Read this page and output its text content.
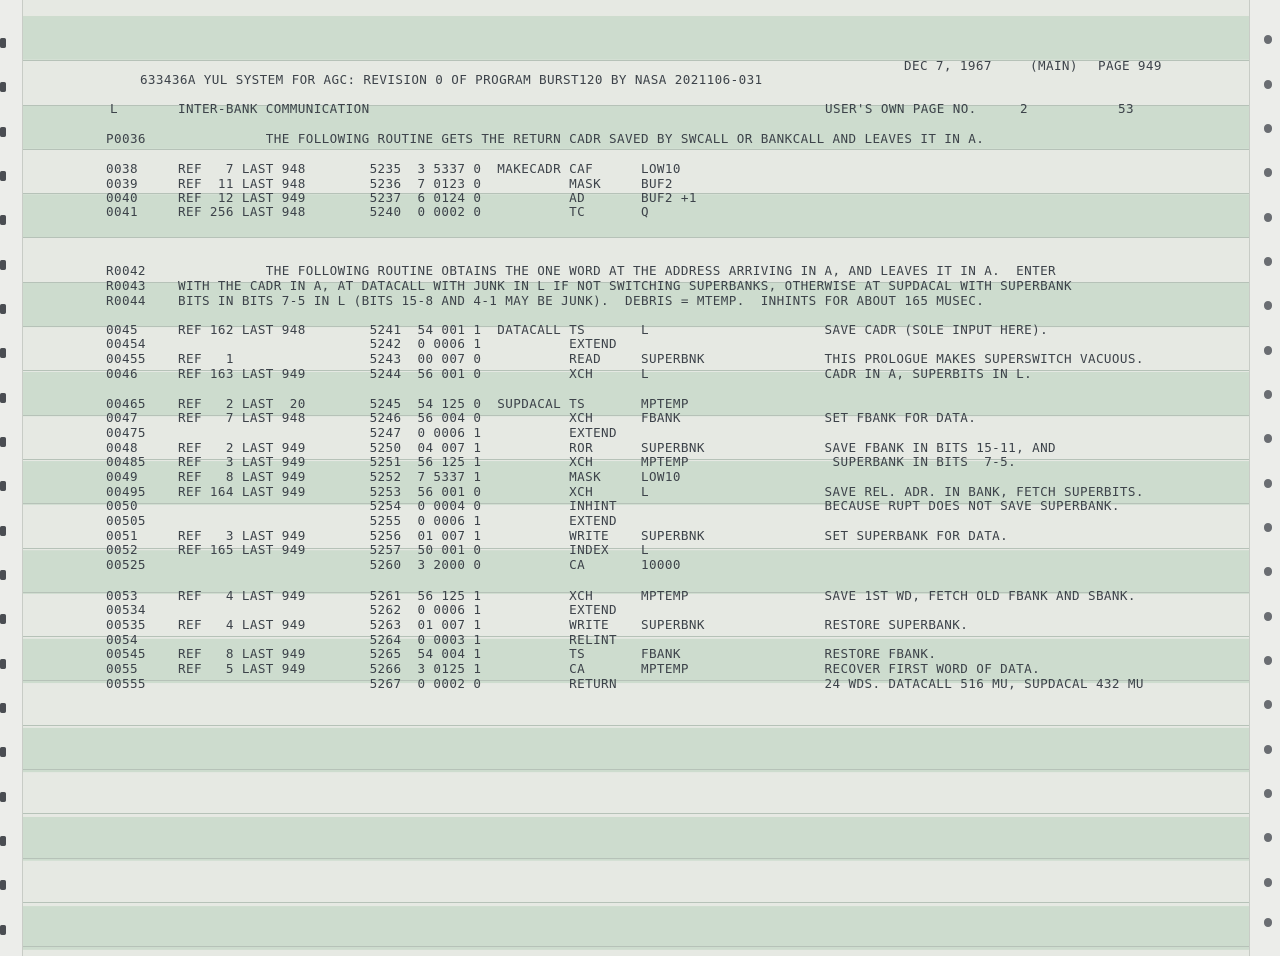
633436A YUL SYSTEM FOR AGC: REVISION 0 OF PROGRAM BURST120 BY NASA 2021106-031

DEC 7, 1967	(MAIN) PAGE 949
L	INTER-BANK COMMUNICATION	USER'S OWN PAGE NO.	2	53
P0036	THE FOLLOWING ROUTINE GETS THE RETURN CADR SAVED BY SWCALL OR BANKCALL AND LEAVES IT IN A.
0038	REF   7 LAST 948        5235  3 5337 0  MAKECADR CAF      LOW10
0039	REF  11 LAST 948        5236  7 0123 0           MASK     BUF2
0040	REF  12 LAST 949        5237  6 0124 0           AD       BUF2 +1
0041	REF 256 LAST 948        5240  0 0002 0           TC       Q
R0042	THE FOLLOWING ROUTINE OBTAINS THE ONE WORD AT THE ADDRESS ARRIVING IN A, AND LEAVES IT IN A.  ENTER
R0043	WITH THE CADR IN A, AT DATACALL WITH JUNK IN L IF NOT SWITCHING SUPERBANKS, OTHERWISE AT SUPDACAL WITH SUPERBANK
R0044	BITS IN BITS 7-5 IN L (BITS 15-8 AND 4-1 MAY BE JUNK).  DEBRIS = MTEMP.  INHINTS FOR ABOUT 165 MUSEC.
0045	REF 162 LAST 948        5241  54 001 1  DATACALL TS       L                      SAVE CADR (SOLE INPUT HERE).
00454	5242  0 0006 1           EXTEND
00455	REF   1                 5243  00 007 0           READ     SUPERBNK               THIS PROLOGUE MAKES SUPERSWITCH VACUOUS.
0046	REF 163 LAST 949        5244  56 001 0           XCH      L                      CADR IN A, SUPERBITS IN L.
00465	REF   2 LAST  20        5245  54 125 0  SUPDACAL TS       MPTEMP
0047	REF   7 LAST 948        5246  56 004 0           XCH      FBANK                  SET FBANK FOR DATA.
00475	5247  0 0006 1           EXTEND
0048	REF   2 LAST 949        5250  04 007 1           ROR      SUPERBNK               SAVE FBANK IN BITS 15-11, AND
00485	REF   3 LAST 949        5251  56 125 1           XCH      MPTEMP                  SUPERBANK IN BITS  7-5.
0049	REF   8 LAST 949        5252  7 5337 1           MASK     LOW10
00495	REF 164 LAST 949        5253  56 001 0           XCH      L                      SAVE REL. ADR. IN BANK, FETCH SUPERBITS.
0050	5254  0 0004 0           INHINT                          BECAUSE RUPT DOES NOT SAVE SUPERBANK.
00505	5255  0 0006 1           EXTEND
0051	REF   3 LAST 949        5256  01 007 1           WRITE    SUPERBNK               SET SUPERBANK FOR DATA.
0052	REF 165 LAST 949        5257  50 001 0           INDEX    L
00525	5260  3 2000 0           CA       10000
0053	REF   4 LAST 949        5261  56 125 1           XCH      MPTEMP                 SAVE 1ST WD, FETCH OLD FBANK AND SBANK.
00534	5262  0 0006 1           EXTEND
00535	REF   4 LAST 949        5263  01 007 1           WRITE    SUPERBNK               RESTORE SUPERBANK.
0054	5264  0 0003 1           RELINT
00545	REF   8 LAST 949        5265  54 004 1           TS       FBANK                  RESTORE FBANK.
0055	REF   5 LAST 949        5266  3 0125 1           CA       MPTEMP                 RECOVER FIRST WORD OF DATA.
00555	5267  0 0002 0           RETURN                          24 WDS. DATACALL 516 MU, SUPDACAL 432 MU
